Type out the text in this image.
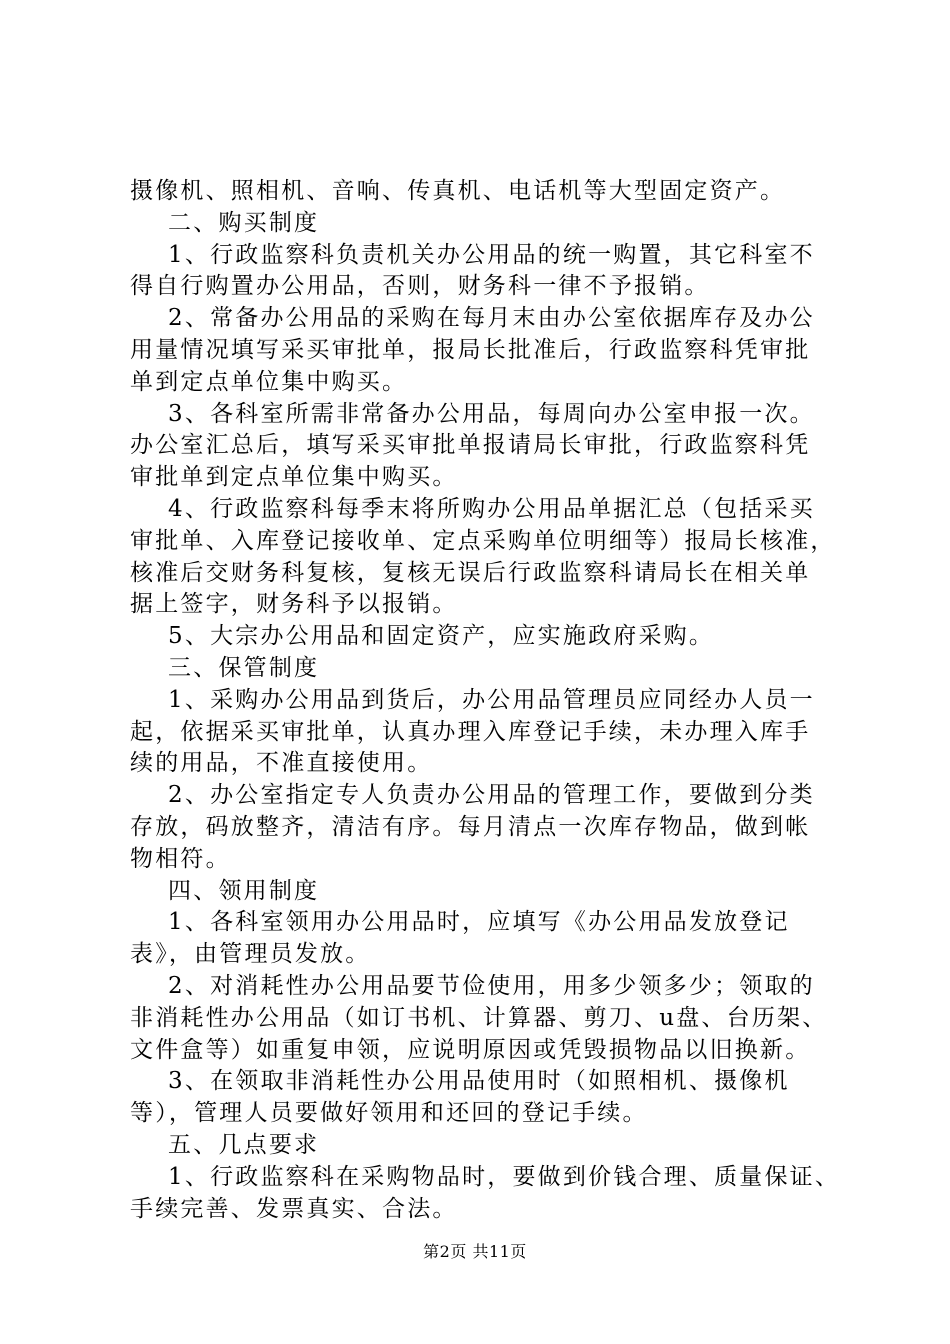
摄像机、照相机、音响、传真机、电话机等大型固定资产。
二、购买制度
1、行政监察科负责机关办公用品的统一购置，其它科室不
得自行购置办公用品，否则，财务科一律不予报销。
2、常备办公用品的采购在每月末由办公室依据库存及办公
用量情况填写采买审批单，报局长批准后，行政监察科凭审批
单到定点单位集中购买。
3、各科室所需非常备办公用品，每周向办公室申报一次。
办公室汇总后，填写采买审批单报请局长审批，行政监察科凭
审批单到定点单位集中购买。
4、行政监察科每季末将所购办公用品单据汇总（包括采买
审批单、入库登记接收单、定点采购单位明细等）报局长核准，
核准后交财务科复核，复核无误后行政监察科请局长在相关单
据上签字，财务科予以报销。
5、大宗办公用品和固定资产，应实施政府采购。
三、保管制度
1、采购办公用品到货后，办公用品管理员应同经办人员一
起，依据采买审批单，认真办理入库登记手续，未办理入库手
续的用品，不准直接使用。
2、办公室指定专人负责办公用品的管理工作，要做到分类
存放，码放整齐，清洁有序。每月清点一次库存物品，做到帐
物相符。
四、领用制度
1、各科室领用办公用品时，应填写《办公用品发放登记
表》，由管理员发放。
2、对消耗性办公用品要节俭使用，用多少领多少；领取的
非消耗性办公用品（如订书机、计算器、剪刀、u盘、台历架、
文件盒等）如重复申领，应说明原因或凭毁损物品以旧换新。
3、在领取非消耗性办公用品使用时（如照相机、摄像机
等），管理人员要做好领用和还回的登记手续。
五、几点要求
1、行政监察科在采购物品时，要做到价钱合理、质量保证、
手续完善、发票真实、合法。
第2页 共11页
